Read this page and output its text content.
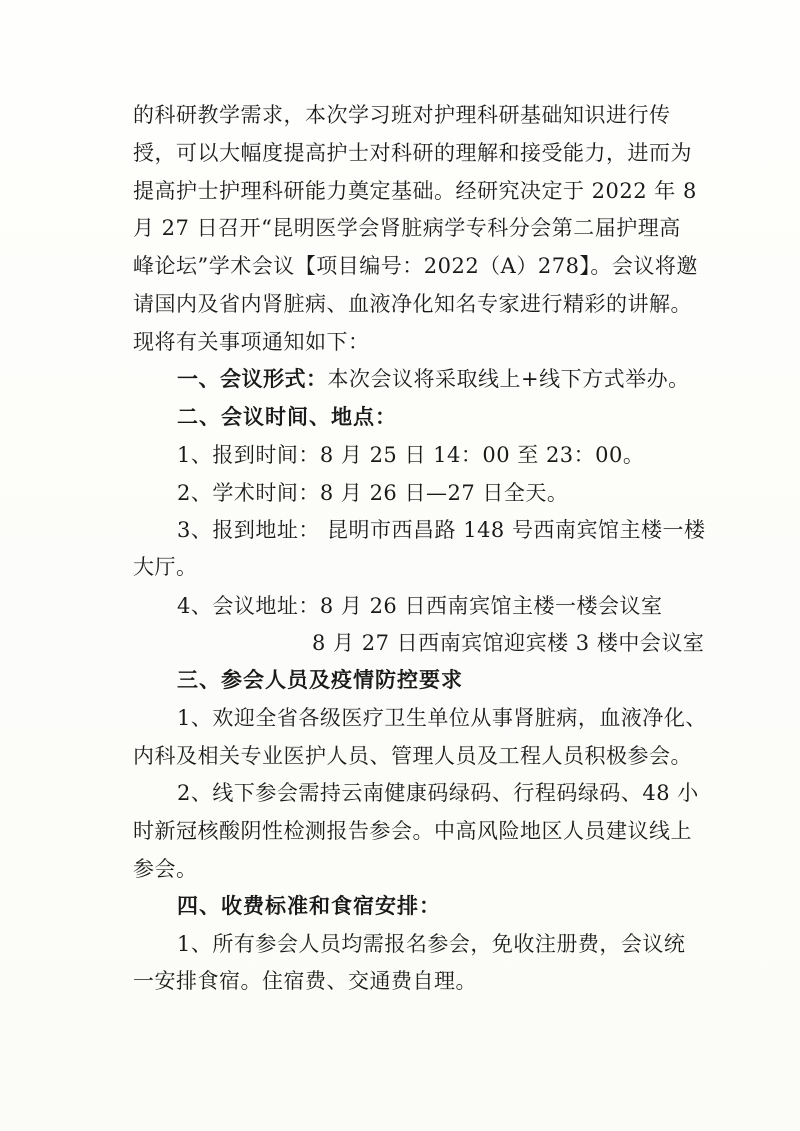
的科研教学需求，本次学习班对护理科研基础知识进行传
授，可以大幅度提高护士对科研的理解和接受能力，进而为
提高护士护理科研能力奠定基础。经研究决定于 2022 年 8
月 27 日召开“昆明医学会肾脏病学专科分会第二届护理高
峰论坛”学术会议【项目编号：2022（A）278】。会议将邀
请国内及省内肾脏病、血液净化知名专家进行精彩的讲解。
现将有关事项通知如下：
一、会议形式：本次会议将采取线上+线下方式举办。
二、会议时间、地点：
1、报到时间：8 月 25 日 14：00 至 23：00。
2、学术时间：8 月 26 日—27 日全天。
3、报到地址： 昆明市西昌路 148 号西南宾馆主楼一楼
大厅。
4、会议地址：8 月 26 日西南宾馆主楼一楼会议室
8 月 27 日西南宾馆迎宾楼 3 楼中会议室
三、参会人员及疫情防控要求
1、欢迎全省各级医疗卫生单位从事肾脏病，血液净化、
内科及相关专业医护人员、管理人员及工程人员积极参会。
2、线下参会需持云南健康码绿码、行程码绿码、48 小
时新冠核酸阴性检测报告参会。中高风险地区人员建议线上
参会。
四、收费标准和食宿安排：
1、所有参会人员均需报名参会，免收注册费，会议统
一安排食宿。住宿费、交通费自理。
